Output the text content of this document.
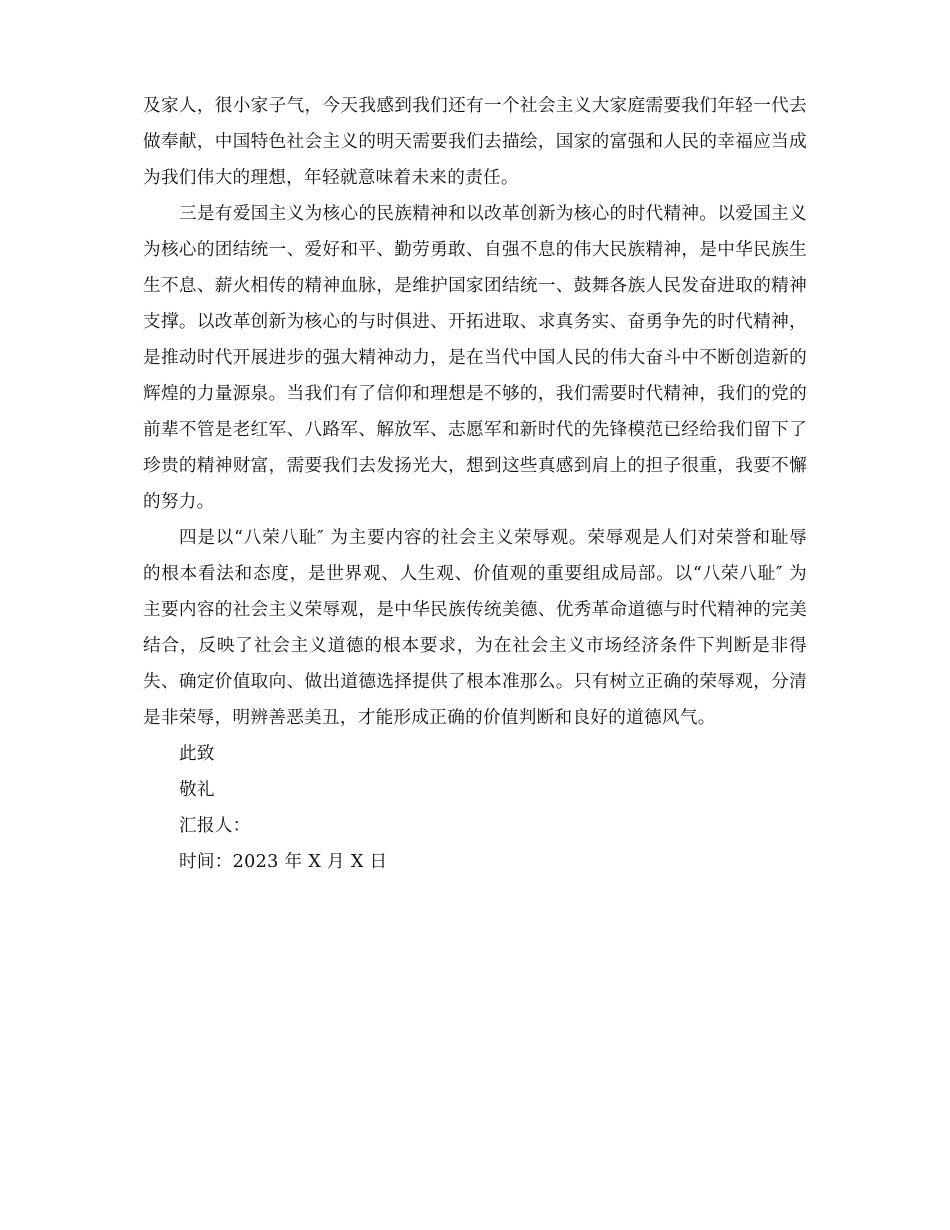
及家人，很小家子气，今天我感到我们还有一个社会主义大家庭需要我们年轻一代去做奉献，中国特色社会主义的明天需要我们去描绘，国家的富强和人民的幸福应当成为我们伟大的理想，年轻就意味着未来的责任。

三是有爱国主义为核心的民族精神和以改革创新为核心的时代精神。以爱国主义为核心的团结统一、爱好和平、勤劳勇敢、自强不息的伟大民族精神，是中华民族生生不息、薪火相传的精神血脉，是维护国家团结统一、鼓舞各族人民发奋进取的精神支撑。以改革创新为核心的与时俱进、开拓进取、求真务实、奋勇争先的时代精神，是推动时代开展进步的强大精神动力，是在当代中国人民的伟大奋斗中不断创造新的辉煌的力量源泉。当我们有了信仰和理想是不够的，我们需要时代精神，我们的党的前辈不管是老红军、八路军、解放军、志愿军和新时代的先锋模范已经给我们留下了珍贵的精神财富，需要我们去发扬光大，想到这些真感到肩上的担子很重，我要不懈的努力。

四是以“八荣八耻″ 为主要内容的社会主义荣辱观。荣辱观是人们对荣誉和耻辱的根本看法和态度，是世界观、人生观、价值观的重要组成局部。以“八荣八耻″ 为主要内容的社会主义荣辱观，是中华民族传统美德、优秀革命道德与时代精神的完美结合，反映了社会主义道德的根本要求，为在社会主义市场经济条件下判断是非得失、确定价值取向、做出道德选择提供了根本准那么。只有树立正确的荣辱观，分清是非荣辱，明辨善恶美丑，才能形成正确的价值判断和良好的道德风气。

此致

敬礼

汇报人：

时间：2023 年 X 月 X 日
